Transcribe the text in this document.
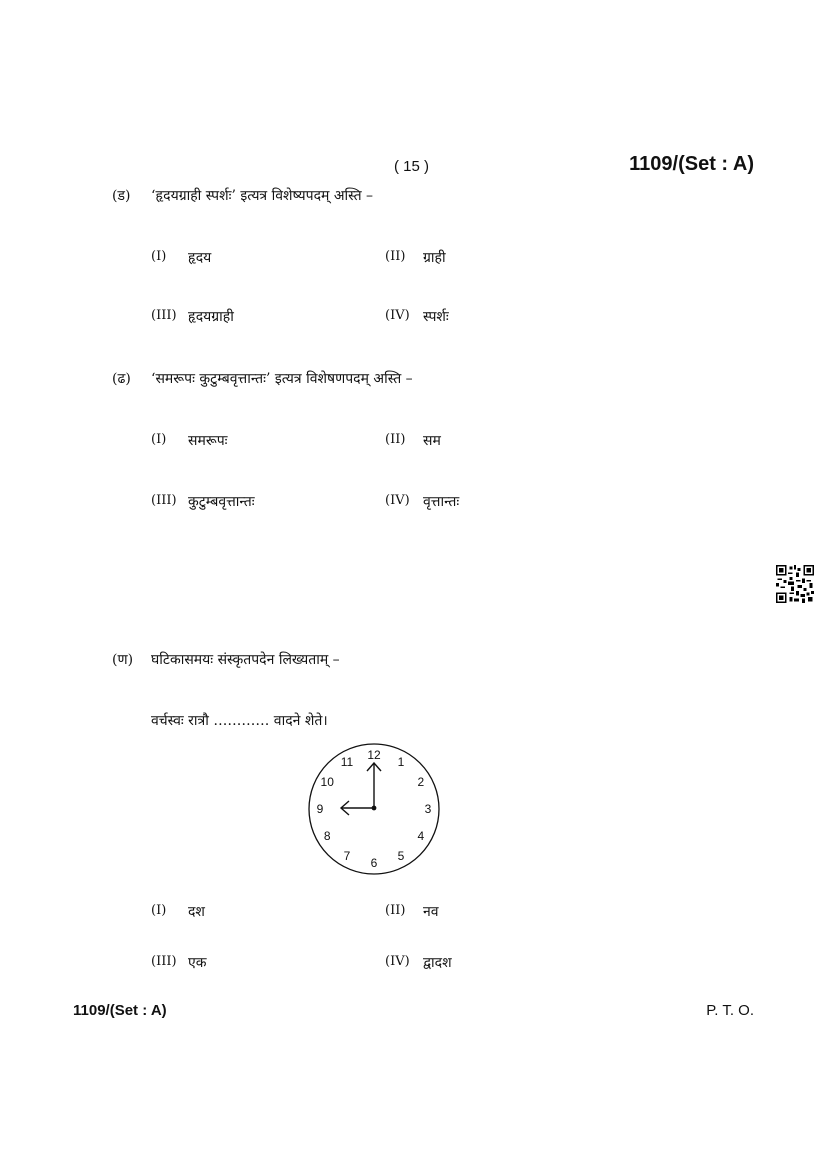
( 15 )	1109/(Set : A)
(ड) ‘हृदयग्राही स्पर्शः’ इत्यत्र विशेष्यपदम् अस्ति –
(I) हृदय	(II) ग्राही
(III) हृदयग्राही	(IV) स्पर्शः
(ढ) ‘समरूपः कुटुम्बवृत्तान्तः’ इत्यत्र विशेषणपदम् अस्ति –
(I) समरूपः	(II) सम
(III) कुटुम्बवृत्तान्तः	(IV) वृत्तान्तः
(ण) घटिकासमयः संस्कृतपदेन लिख्यताम् –
वर्चस्वः रात्रौ ………… वादने शेते।
12
1
2
3
4
5
6
7
8
9
10
11
(I) दश	(II) नव
(III) एक	(IV) द्वादश
1109/(Set : A)	P. T. O.
